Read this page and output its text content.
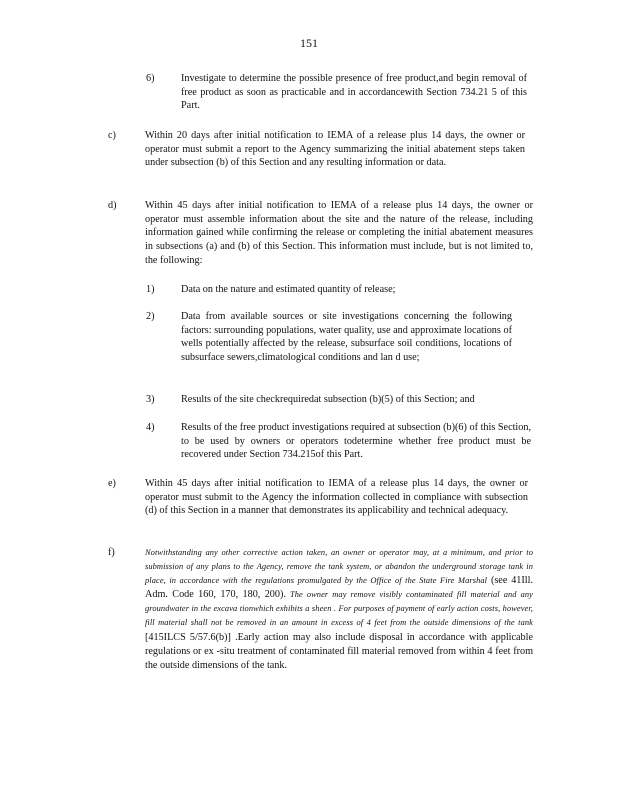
151
6)	Investigate to determine the possible presence of free product,and begin removal of free product as soon as practicable and in accordancewith Section 734.21 5 of this Part.
c)	Within 20 days after initial notification to IEMA of a release plus 14 days, the owner or operator must submit a report to the Agency summarizing the initial abatement steps taken under subsection (b) of this Section and any resulting information or data.
d)	Within 45 days after initial notification to IEMA of a release plus 14 days, the owner or operator must assemble information about the site and the nature of the release, including information gained while confirming the release or completing the initial abatement measures in subsections (a) and (b) of this Section. This information must include, but is not limited to, the following:
1)	Data on the nature and estimated quantity of release;
2)	Data from available sources or site investigations concerning the following factors: surrounding populations, water quality, use and approximate locations of wells potentially affected by the release, subsurface soil conditions, locations of subsurface sewers,climatological conditions and lan d use;
3)	Results of the site checkrequiredat subsection (b)(5) of this Section; and
4)	Results of the free product investigations required at subsection (b)(6) of this Section, to be used by owners or operators todetermine whether free product must be recovered under Section 734.215of this Part.
e)	Within 45 days after initial notification to IEMA of a release plus 14 days, the owner or operator must submit to the Agency the information collected in compliance with subsection (d) of this Section in a manner that demonstrates its applicability and technical adequacy.
f)	Notwithstanding any other corrective action taken, an owner or operator may, at a minimum, and prior to submission of any plans to the Agency, remove the tank system, or abandon the underground storage tank in place, in accordance with the regulations promulgated by the Office of the State Fire Marshal (see 41Ill. Adm. Code 160, 170, 180, 200). The owner may remove visibly contaminated fill material and any groundwater in the excava tionwhich exhibits a sheen . For purposes of payment of early action costs, however, fill material shall not be removed in an amount in excess of 4 feet from the outside dimensions of the tank [415ILCS 5/57.6(b)] .Early action may also include disposal in accordance with applicable regulations or ex -situ treatment of contaminated fill material removed from within 4 feet from the outside dimensions of the tank.
